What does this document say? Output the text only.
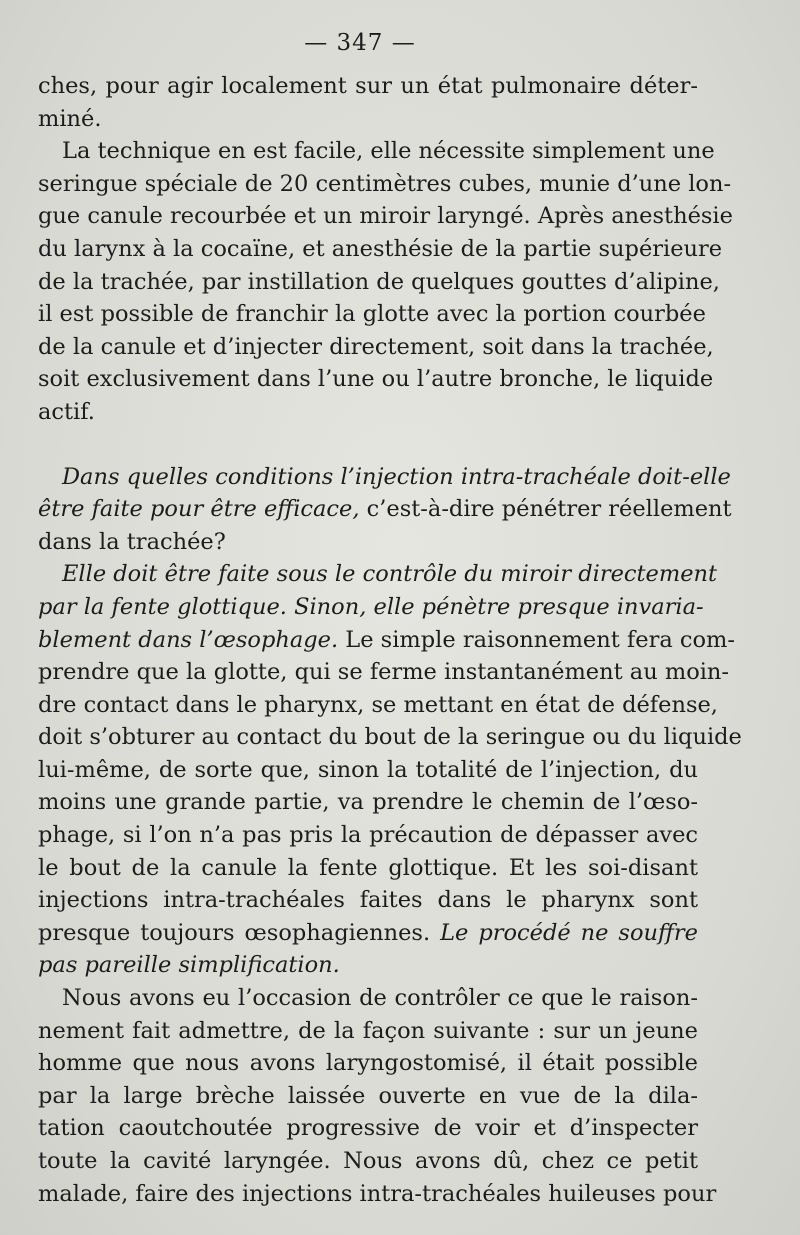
— 347 —

ches, pour agir localement sur un état pulmonaire déter-
miné.

La technique en est facile, elle nécessite simplement une
seringue spéciale de 20 centimètres cubes, munie d’une lon-
gue canule recourbée et un miroir laryngé. Après anesthésie
du larynx à la cocaïne, et anesthésie de la partie supérieure
de la trachée, par instillation de quelques gouttes d’alipine,
il est possible de franchir la glotte avec la portion courbée
de la canule et d’injecter directement, soit dans la trachée,
soit exclusivement dans l’une ou l’autre bronche, le liquide
actif.

Dans quelles conditions l’injection intra-trachéale doit-elle
être faite pour être efficace, c’est-à-dire pénétrer réellement
dans la trachée?

Elle doit être faite sous le contrôle du miroir directement
par la fente glottique. Sinon, elle pénètre presque invaria-
blement dans l’œsophage. Le simple raisonnement fera com-
prendre que la glotte, qui se ferme instantanément au moin-
dre contact dans le pharynx, se mettant en état de défense,
doit s’obturer au contact du bout de la seringue ou du liquide
lui-même, de sorte que, sinon la totalité de l’injection, du
moins une grande partie, va prendre le chemin de l’œso-
phage, si l’on n’a pas pris la précaution de dépasser avec
le bout de la canule la fente glottique. Et les soi-disant
injections intra-trachéales faites dans le pharynx sont
presque toujours œsophagiennes. Le procédé ne souffre
pas pareille simplification.

Nous avons eu l’occasion de contrôler ce que le raison-
nement fait admettre, de la façon suivante : sur un jeune
homme que nous avons laryngostomisé, il était possible
par la large brèche laissée ouverte en vue de la dila-
tation caoutchoutée progressive de voir et d’inspecter
toute la cavité laryngée. Nous avons dû, chez ce petit
malade, faire des injections intra-trachéales huileuses pour
